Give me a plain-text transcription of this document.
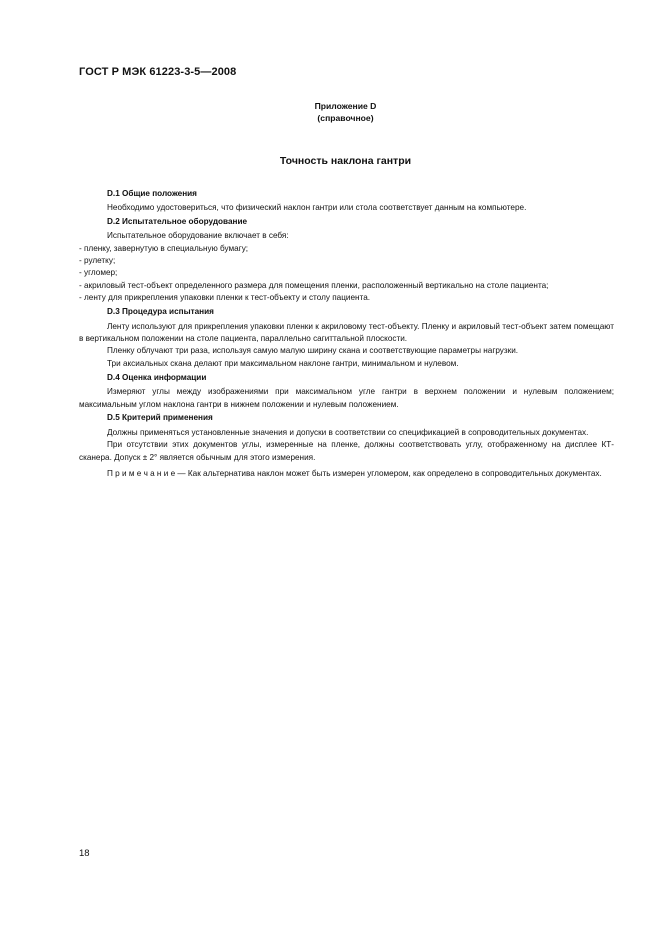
ГОСТ Р МЭК 61223-3-5—2008
Приложение D
(справочное)
Точность наклона гантри
D.1 Общие положения

Необходимо удостовериться, что физический наклон гантри или стола соответствует данным на компьютере.

D.2 Испытательное оборудование

Испытательное оборудование включает в себя:

- пленку, завернутую в специальную бумагу;

- рулетку;

- угломер;

- акриловый тест-объект определенного размера для помещения пленки, расположенный вертикально на столе пациента;

- ленту для прикрепления упаковки пленки к тест-объекту и столу пациента.

D.3 Процедура испытания

Ленту используют для прикрепления упаковки пленки к акриловому тест-объекту. Пленку и акриловый тест-объект затем помещают в вертикальном положении на столе пациента, параллельно сагиттальной плоскости.

Пленку облучают три раза, используя самую малую ширину скана и соответствующие параметры нагрузки.

Три аксиальных скана делают при максимальном наклоне гантри, минимальном и нулевом.

D.4 Оценка информации

Измеряют углы между изображениями при максимальном угле гантри в верхнем положении и нулевым положением; максимальным углом наклона гантри в нижнем положении и нулевым положением.

D.5 Критерий применения

Должны применяться установленные значения и допуски в соответствии со спецификацией в сопроводительных документах.

При отсутствии этих документов углы, измеренные на пленке, должны соответствовать углу, отображенному на дисплее КТ-сканера. Допуск ± 2° является обычным для этого измерения.

П р и м е ч а н и е — Как альтернатива наклон может быть измерен угломером, как определено в сопроводительных документах.

18
